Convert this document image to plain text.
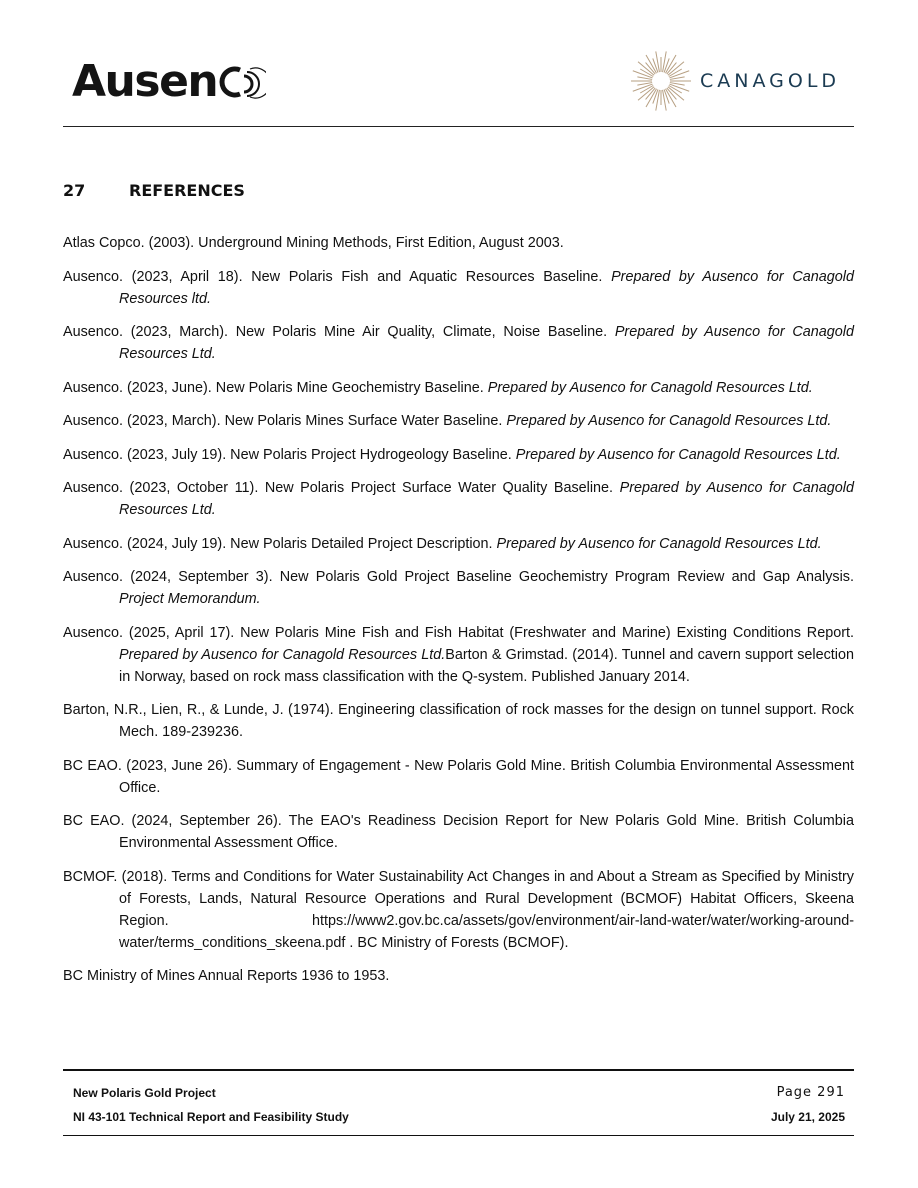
Ausen	CANAGOLD
27	REFERENCES

Atlas Copco. (2003). Underground Mining Methods, First Edition, August 2003.

Ausenco. (2023, April 18). New Polaris Fish and Aquatic Resources Baseline. Prepared by Ausenco for Canagold Resources ltd.

Ausenco. (2023, March). New Polaris Mine Air Quality, Climate, Noise Baseline. Prepared by Ausenco for Canagold Resources Ltd.

Ausenco. (2023, June). New Polaris Mine Geochemistry Baseline. Prepared by Ausenco for Canagold Resources Ltd.

Ausenco. (2023, March). New Polaris Mines Surface Water Baseline. Prepared by Ausenco for Canagold Resources Ltd.

Ausenco. (2023, July 19). New Polaris Project Hydrogeology Baseline. Prepared by Ausenco for Canagold Resources Ltd.

Ausenco. (2023, October 11). New Polaris Project Surface Water Quality Baseline. Prepared by Ausenco for Canagold Resources Ltd.

Ausenco. (2024, July 19). New Polaris Detailed Project Description. Prepared by Ausenco for Canagold Resources Ltd.

Ausenco. (2024, September 3). New Polaris Gold Project Baseline Geochemistry Program Review and Gap Analysis. Project Memorandum.

Ausenco. (2025, April 17). New Polaris Mine Fish and Fish Habitat (Freshwater and Marine) Existing Conditions Report. Prepared by Ausenco for Canagold Resources Ltd.Barton & Grimstad. (2014). Tunnel and cavern support selection in Norway, based on rock mass classification with the Q-system. Published January 2014.

Barton, N.R., Lien, R., & Lunde, J. (1974). Engineering classification of rock masses for the design on tunnel support. Rock Mech. 189-239236.

BC EAO. (2023, June 26). Summary of Engagement - New Polaris Gold Mine. British Columbia Environmental Assessment Office.

BC EAO. (2024, September 26). The EAO's Readiness Decision Report for New Polaris Gold Mine. British Columbia Environmental Assessment Office.

BCMOF. (2018). Terms and Conditions for Water Sustainability Act Changes in and About a Stream as Specified by Ministry of Forests, Lands, Natural Resource Operations and Rural Development (BCMOF) Habitat Officers, Skeena Region. https://www2.gov.bc.ca/assets/gov/environment/air-land-water/water/working-around-water/terms_conditions_skeena.pdf . BC Ministry of Forests (BCMOF).

BC Ministry of Mines Annual Reports 1936 to 1953.

New Polaris Gold Project
NI 43-101 Technical Report and Feasibility Study
Page 291
July 21, 2025
